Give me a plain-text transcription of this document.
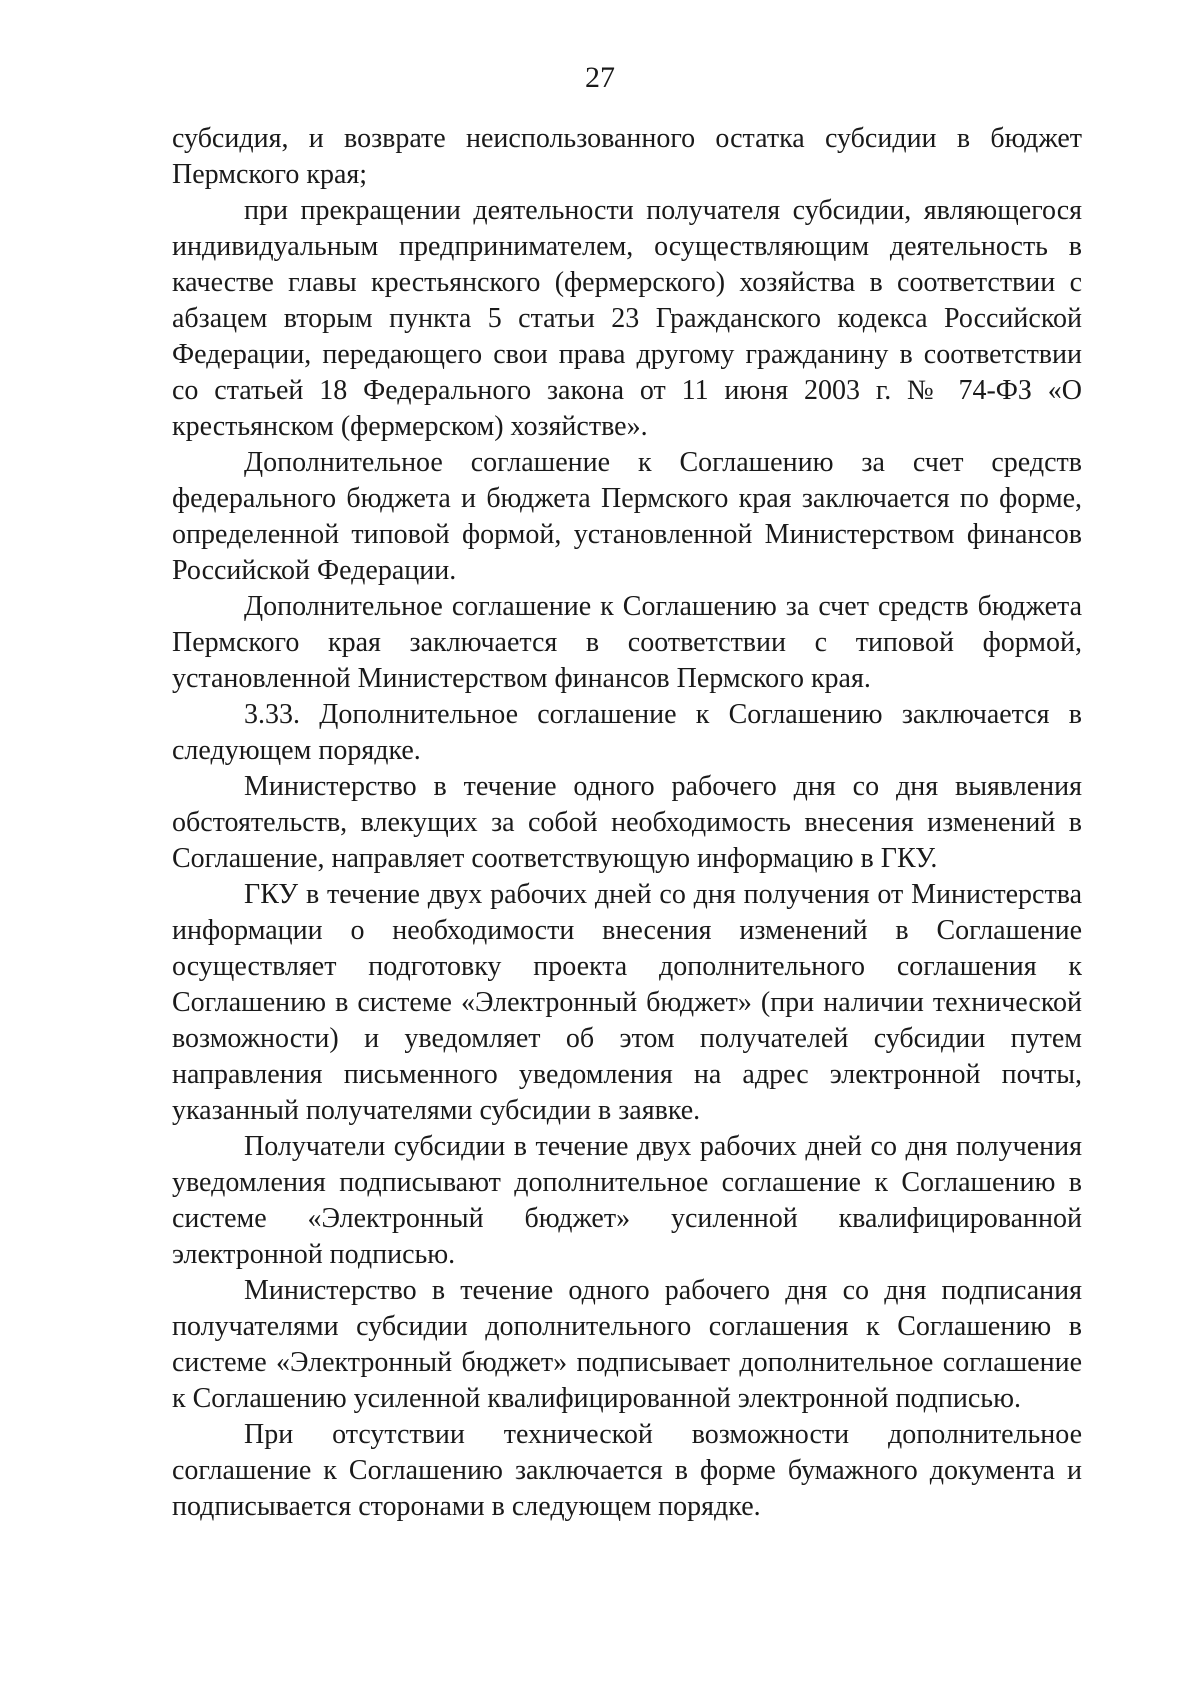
27

субсидия, и возврате неиспользованного остатка субсидии в бюджет Пермского края;

при прекращении деятельности получателя субсидии, являющегося индивидуальным предпринимателем, осуществляющим деятельность в качестве главы крестьянского (фермерского) хозяйства в соответствии с абзацем вторым пункта 5 статьи 23 Гражданского кодекса Российской Федерации, передающего свои права другому гражданину в соответствии со статьей 18 Федерального закона от 11 июня 2003 г. № 74-ФЗ «О крестьянском (фермерском) хозяйстве».

Дополнительное соглашение к Соглашению за счет средств федерального бюджета и бюджета Пермского края заключается по форме, определенной типовой формой, установленной Министерством финансов Российской Федерации.

Дополнительное соглашение к Соглашению за счет средств бюджета Пермского края заключается в соответствии с типовой формой, установленной Министерством финансов Пермского края.

3.33. Дополнительное соглашение к Соглашению заключается в следующем порядке.

Министерство в течение одного рабочего дня со дня выявления обстоятельств, влекущих за собой необходимость внесения изменений в Соглашение, направляет соответствующую информацию в ГКУ.

ГКУ в течение двух рабочих дней со дня получения от Министерства информации о необходимости внесения изменений в Соглашение осуществляет подготовку проекта дополнительного соглашения к Соглашению в системе «Электронный бюджет» (при наличии технической возможности) и уведомляет об этом получателей субсидии путем направления письменного уведомления на адрес электронной почты, указанный получателями субсидии в заявке.

Получатели субсидии в течение двух рабочих дней со дня получения уведомления подписывают дополнительное соглашение к Соглашению в системе «Электронный бюджет» усиленной квалифицированной электронной подписью.

Министерство в течение одного рабочего дня со дня подписания получателями субсидии дополнительного соглашения к Соглашению в системе «Электронный бюджет» подписывает дополнительное соглашение к Соглашению усиленной квалифицированной электронной подписью.

При отсутствии технической возможности дополнительное соглашение к Соглашению заключается в форме бумажного документа и подписывается сторонами в следующем порядке.
